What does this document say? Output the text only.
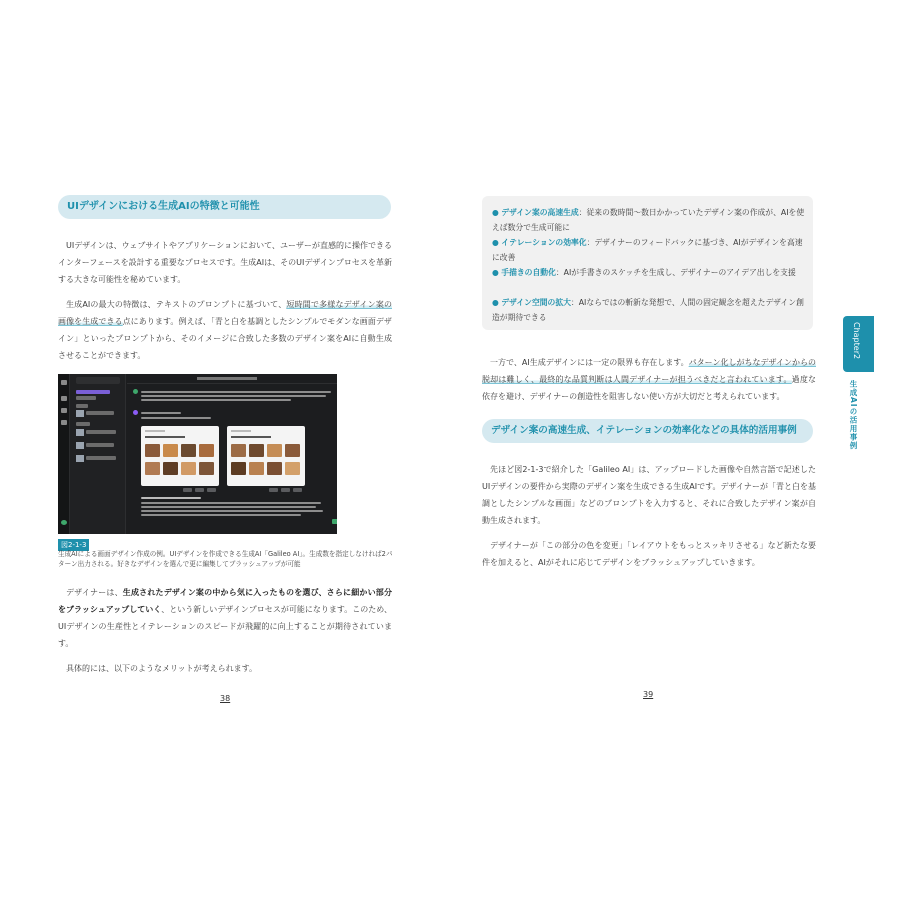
UIデザインにおける生成AIの特徴と可能性

UIデザインは、ウェブサイトやアプリケーションにおいて、ユーザーが直感的に操作できるインターフェースを設計する重要なプロセスです。生成AIは、そのUIデザインプロセスを革新する大きな可能性を秘めています。

生成AIの最大の特徴は、テキストのプロンプトに基づいて、短時間で多様なデザイン案の画像を生成できる点にあります。例えば、「青と白を基調としたシンプルでモダンな画面デザイン」といったプロンプトから、そのイメージに合致した多数のデザイン案をAIに自動生成させることができます。

図2-1-3

生成AIによる画面デザイン作成の例。UIデザインを作成できる生成AI「Galileo AI」。生成数を指定しなければ2パターン出力される。好きなデザインを選んで更に編集してブラッシュアップが可能

デザイナーは、生成されたデザイン案の中から気に入ったものを選び、さらに細かい部分をブラッシュアップしていく、という新しいデザインプロセスが可能になります。このため、UIデザインの生産性とイテレーションのスピードが飛躍的に向上することが期待されています。

具体的には、以下のようなメリットが考えられます。

38
● デザイン案の高速生成：従来の数時間～数日かかっていたデザイン案の作成が、AIを使えば数分で生成可能に
● イテレーションの効率化：デザイナーのフィードバックに基づき、AIがデザインを高速に改善
● 手描きの自動化：AIが手書きのスケッチを生成し、デザイナーのアイデア出しを支援
● デザイン空間の拡大：AIならではの斬新な発想で、人間の固定観念を超えたデザイン創造が期待できる

一方で、AI生成デザインには一定の限界も存在します。パターン化しがちなデザインからの脱却は難しく、最終的な品質判断は人間デザイナーが担うべきだと言われています。過度な依存を避け、デザイナーの創造性を阻害しない使い方が大切だと考えられています。

デザイン案の高速生成、イテレーションの効率化などの具体的活用事例

先ほど図2-1-3で紹介した「Galileo AI」は、アップロードした画像や自然言語で記述したUIデザインの要件から実際のデザイン案を生成できる生成AIです。デザイナーが「青と白を基調としたシンプルな画面」などのプロンプトを入力すると、それに合致したデザイン案が自動生成されます。

デザイナーが「この部分の色を変更」「レイアウトをもっとスッキリさせる」など新たな要件を加えると、AIがそれに応じてデザインをブラッシュアップしていきます。

39
Chapter2
生成AIの活用事例
